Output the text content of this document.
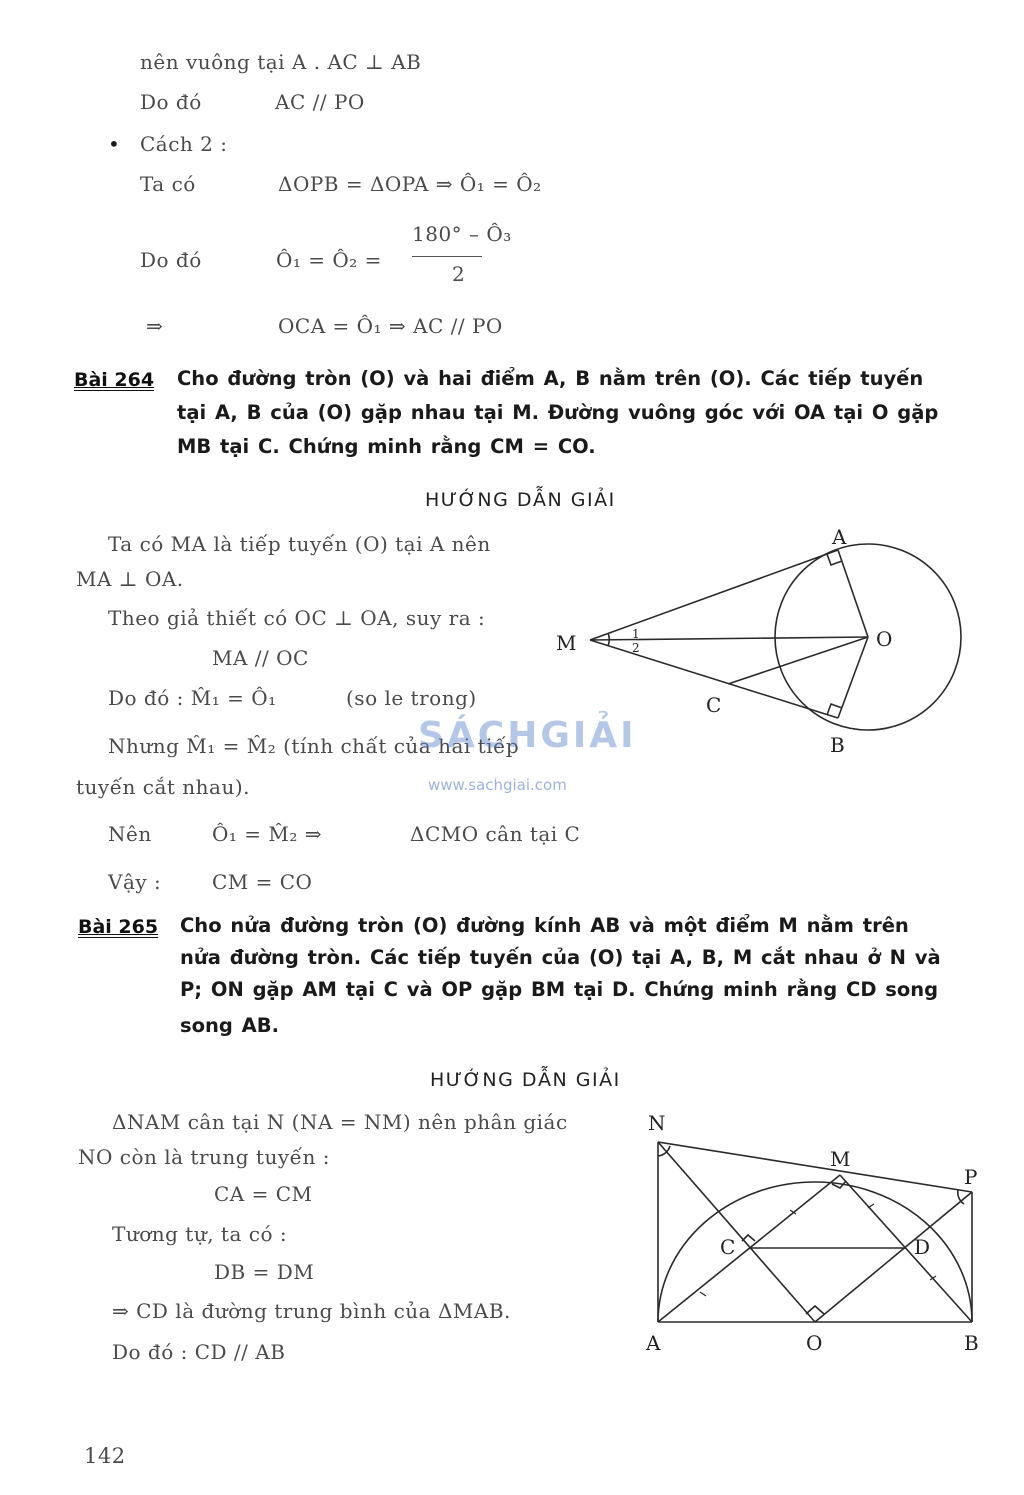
nên vuông tại A . AC ⊥ AB
Do đó	AC // PO
• Cách 2 :
Ta có	ΔOPB = ΔOPA ⇒ Ô₁ = Ô₂
Do đó	Ô₁ = Ô₂ =
180° – Ô₃
2
⇒	OCA = Ô₁ ⇒ AC // PO
Bài 264 Cho đường tròn (O) và hai điểm A, B nằm trên (O). Các tiếp tuyến
tại A, B của (O) gặp nhau tại M. Đường vuông góc với OA tại O gặp
MB tại C. Chứng minh rằng CM = CO.
HƯỚNG DẪN GIẢI
Ta có MA là tiếp tuyến (O) tại A nên
MA ⊥ OA.
Theo giả thiết có OC ⊥ OA, suy ra :
MA // OC
Do đó : M̂₁ = Ô₁	(so le trong)
Nhưng M̂₁ = M̂₂ (tính chất của hai tiếp
tuyến cắt nhau).
Nên	Ô₁ = M̂₂ ⇒	ΔCMO cân tại C
Vậy :	CM = CO
A
O
M
C
B
1
2
SÁCHGIẢI
www.sachgiai.com
Bài 265 Cho nửa đường tròn (O) đường kính AB và một điểm M nằm trên
nửa đường tròn. Các tiếp tuyến của (O) tại A, B, M cắt nhau ở N và
P; ON gặp AM tại C và OP gặp BM tại D. Chứng minh rằng CD song
song AB.
HƯỚNG DẪN GIẢI
ΔNAM cân tại N (NA = NM) nên phân giác
NO còn là trung tuyến :
CA = CM
Tương tự, ta có :
DB = DM
⇒ CD là đường trung bình của ΔMAB.
Do đó : CD // AB
N
M
P
C	D
A	O	B
142
